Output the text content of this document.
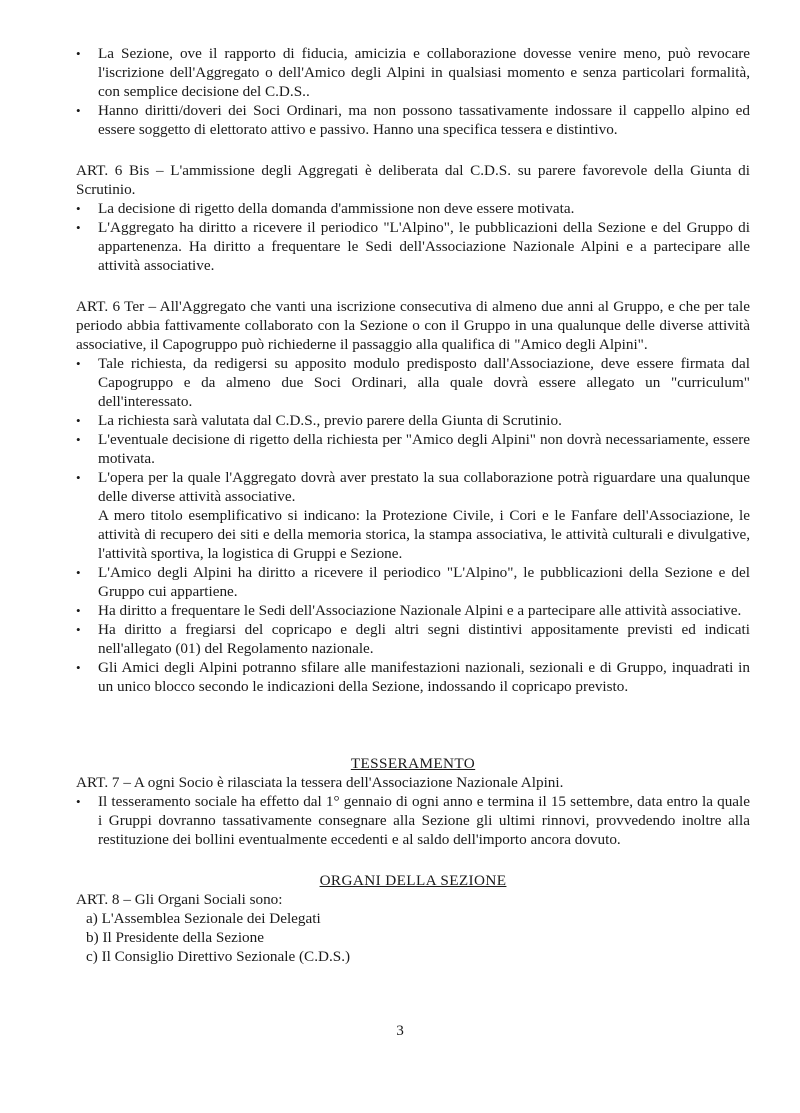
• La Sezione, ove il rapporto di fiducia, amicizia e collaborazione dovesse venire meno, può revocare l'iscrizione dell'Aggregato o dell'Amico degli Alpini in qualsiasi momento e senza particolari formalità, con semplice decisione del C.D.S..
• Hanno diritti/doveri dei Soci Ordinari, ma non possono tassativamente indossare il cappello alpino ed essere soggetto di elettorato attivo e passivo. Hanno una specifica tessera e distintivo.

ART. 6 Bis – L'ammissione degli Aggregati è deliberata dal C.D.S. su parere favorevole della Giunta di Scrutinio.

• La decisione di rigetto della domanda d'ammissione non deve essere motivata.
• L'Aggregato ha diritto a ricevere il periodico "L'Alpino", le pubblicazioni della Sezione e del Gruppo di appartenenza. Ha diritto a frequentare le Sedi dell'Associazione Nazionale Alpini e a partecipare alle attività associative.

ART. 6 Ter – All'Aggregato che vanti una iscrizione consecutiva di almeno due anni al Gruppo, e che per tale periodo abbia fattivamente collaborato con la Sezione o con il Gruppo in una qualunque delle diverse attività associative, il Capogruppo può richiederne il passaggio alla qualifica di "Amico degli Alpini".

• Tale richiesta, da redigersi su apposito modulo predisposto dall'Associazione, deve essere firmata dal Capogruppo e da almeno due Soci Ordinari, alla quale dovrà essere allegato un "curriculum" dell'interessato.
• La richiesta sarà valutata dal C.D.S., previo parere della Giunta di Scrutinio.
• L'eventuale decisione di rigetto della richiesta per "Amico degli Alpini" non dovrà necessariamente, essere motivata.
• L'opera per la quale l'Aggregato dovrà aver prestato la sua collaborazione potrà riguardare una qualunque delle diverse attività associative.

A mero titolo esemplificativo si indicano: la Protezione Civile, i Cori e le Fanfare dell'Associazione, le attività di recupero dei siti e della memoria storica, la stampa associativa, le attività culturali e divulgative, l'attività sportiva, la logistica di Gruppi e Sezione.

• L'Amico degli Alpini ha diritto a ricevere il periodico "L'Alpino", le pubblicazioni della Sezione e del Gruppo cui appartiene.
• Ha diritto a frequentare le Sedi dell'Associazione Nazionale Alpini e a partecipare alle attività associative.
• Ha diritto a fregiarsi del copricapo e degli altri segni distintivi appositamente previsti ed indicati nell'allegato (01) del Regolamento nazionale.
• Gli Amici degli Alpini potranno sfilare alle manifestazioni nazionali, sezionali e di Gruppo, inquadrati in un unico blocco secondo le indicazioni della Sezione, indossando il copricapo previsto.

TESSERAMENTO

ART. 7 – A ogni Socio è rilasciata la tessera dell'Associazione Nazionale Alpini.

• Il tesseramento sociale ha effetto dal 1° gennaio di ogni anno e termina il 15 settembre, data entro la quale i Gruppi dovranno tassativamente consegnare alla Sezione gli ultimi rinnovi, provvedendo inoltre alla restituzione dei bollini eventualmente eccedenti e al saldo dell'importo ancora dovuto.

ORGANI DELLA SEZIONE

ART. 8 – Gli Organi Sociali sono:

a) L'Assemblea Sezionale dei Delegati

b) Il Presidente della Sezione

c) Il Consiglio Direttivo Sezionale (C.D.S.)

3
